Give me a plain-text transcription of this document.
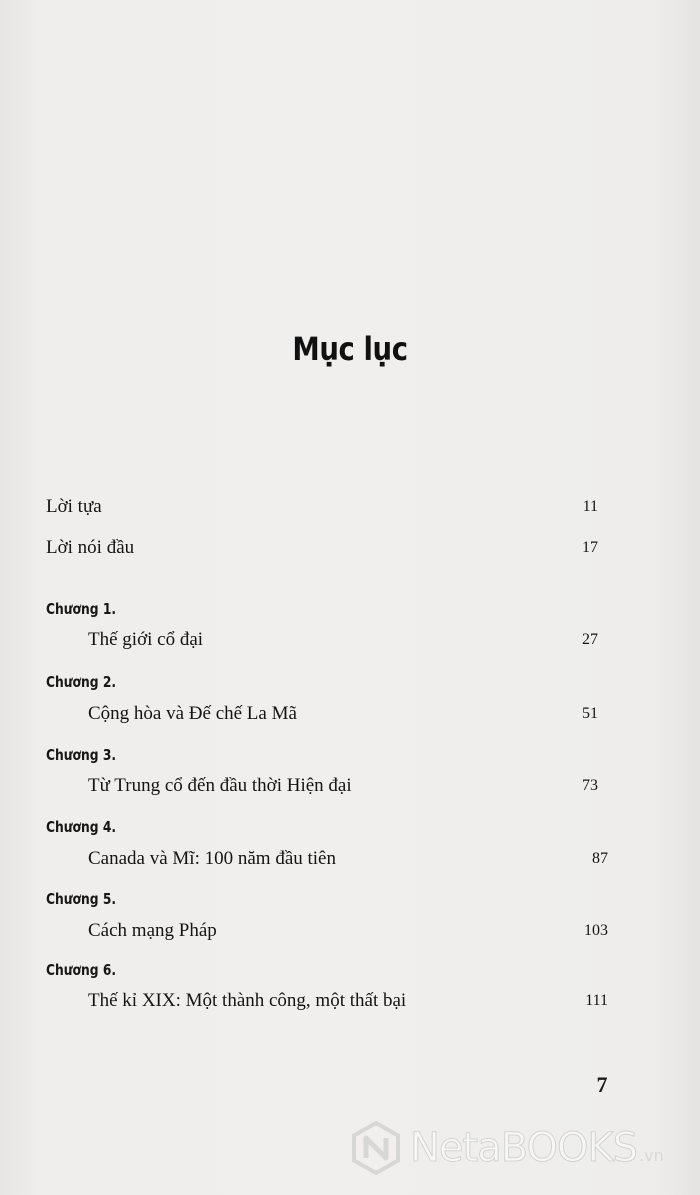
Mục lục
Lời tựa	11
Lời nói đầu	17
Chương 1.
Thế giới cổ đại	27
Chương 2.
Cộng hòa và Đế chế La Mã	51
Chương 3.
Từ Trung cổ đến đầu thời Hiện đại	73
Chương 4.
Canada và Mĩ: 100 năm đầu tiên	87
Chương 5.
Cách mạng Pháp	103
Chương 6.
Thế kỉ XIX: Một thành công, một thất bại	111
7
NetaBOOKS .vn
